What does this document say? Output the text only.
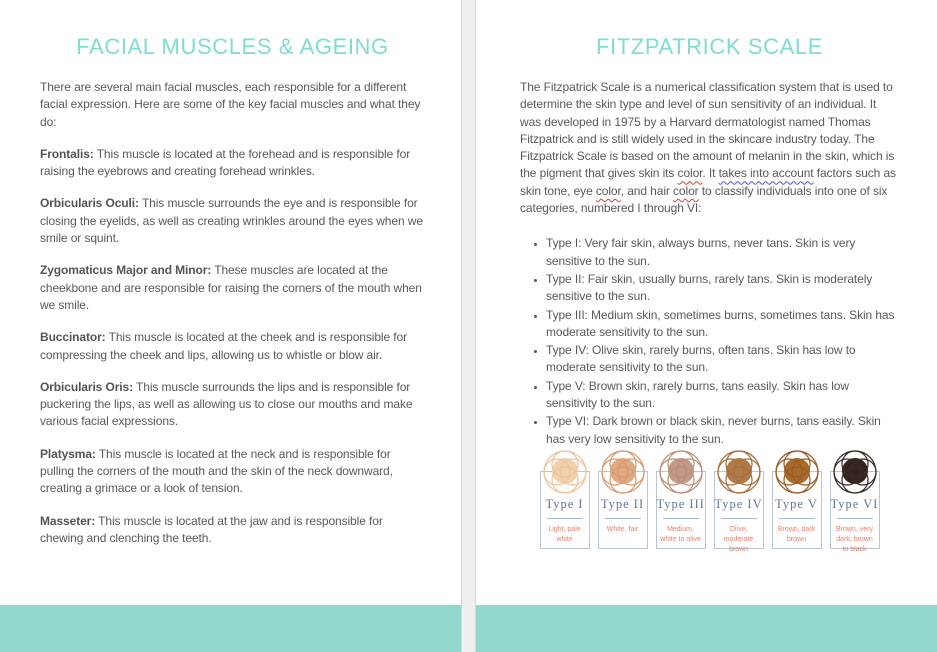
FACIAL MUSCLES & AGEING
There are several main facial muscles, each responsible for a different facial expression. Here are some of the key facial muscles and what they do:
Frontalis: This muscle is located at the forehead and is responsible for raising the eyebrows and creating forehead wrinkles.
Orbicularis Oculi: This muscle surrounds the eye and is responsible for closing the eyelids, as well as creating wrinkles around the eyes when we smile or squint.
Zygomaticus Major and Minor: These muscles are located at the cheekbone and are responsible for raising the corners of the mouth when we smile.
Buccinator: This muscle is located at the cheek and is responsible for compressing the cheek and lips, allowing us to whistle or blow air.
Orbicularis Oris: This muscle surrounds the lips and is responsible for puckering the lips, as well as allowing us to close our mouths and make various facial expressions.
Platysma: This muscle is located at the neck and is responsible for pulling the corners of the mouth and the skin of the neck downward, creating a grimace or a look of tension.
Masseter: This muscle is located at the jaw and is responsible for chewing and clenching the teeth.
FITZPATRICK SCALE
The Fitzpatrick Scale is a numerical classification system that is used to determine the skin type and level of sun sensitivity of an individual. It was developed in 1975 by a Harvard dermatologist named Thomas Fitzpatrick and is still widely used in the skincare industry today. The Fitzpatrick Scale is based on the amount of melanin in the skin, which is the pigment that gives skin its color. It takes into account factors such as skin tone, eye color, and hair color to classify individuals into one of six categories, numbered I through VI:
• Type I: Very fair skin, always burns, never tans. Skin is very sensitive to the sun.
• Type II: Fair skin, usually burns, rarely tans. Skin is moderately sensitive to the sun.
• Type III: Medium skin, sometimes burns, sometimes tans. Skin has moderate sensitivity to the sun.
• Type IV: Olive skin, rarely burns, often tans. Skin has low to moderate sensitivity to the sun.
• Type V: Brown skin, rarely burns, tans easily. Skin has low sensitivity to the sun.
• Type VI: Dark brown or black skin, never burns, tans easily. Skin has very low sensitivity to the sun.
Type I
Light, pale white
Type II
White, fair
Type III
Medium, white to olive
Type IV
Olive, moderate brown
Type V
Brown, dark brown
Type VI
Brown, very dark, brown to black
